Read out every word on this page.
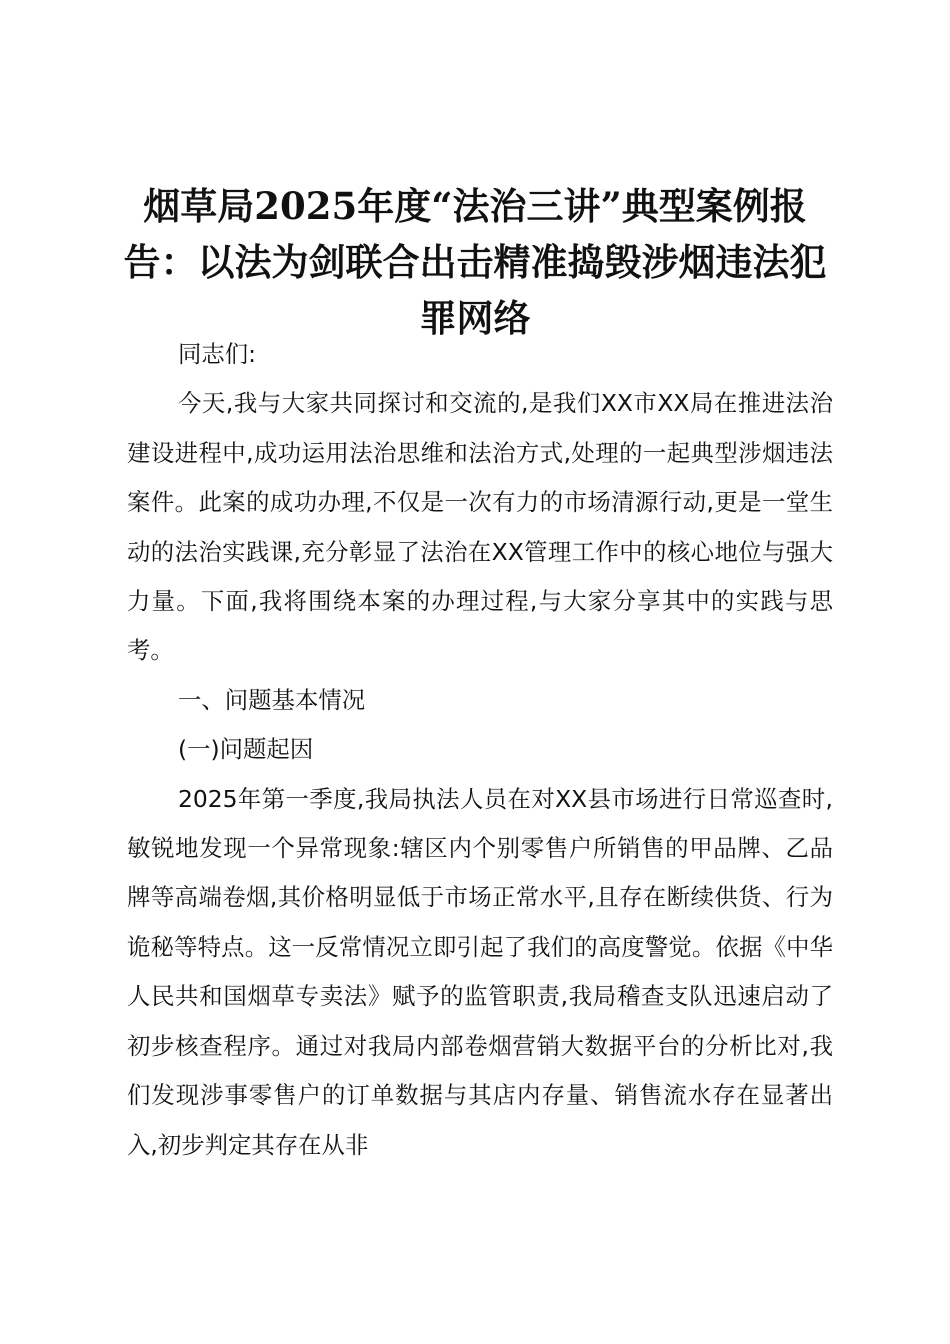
烟草局2025年度“法治三讲”典型案例报告：以法为剑联合出击精准捣毁涉烟违法犯罪网络

同志们:

今天,我与大家共同探讨和交流的,是我们XX市XX局在推进法治建设进程中,成功运用法治思维和法治方式,处理的一起典型涉烟违法案件。此案的成功办理,不仅是一次有力的市场清源行动,更是一堂生动的法治实践课,充分彰显了法治在XX管理工作中的核心地位与强大力量。下面,我将围绕本案的办理过程,与大家分享其中的实践与思考。

一、问题基本情况

(一)问题起因

2025年第一季度,我局执法人员在对XX县市场进行日常巡查时,敏锐地发现一个异常现象:辖区内个别零售户所销售的甲品牌、乙品牌等高端卷烟,其价格明显低于市场正常水平,且存在断续供货、行为诡秘等特点。这一反常情况立即引起了我们的高度警觉。依据《中华人民共和国烟草专卖法》赋予的监管职责,我局稽查支队迅速启动了初步核查程序。通过对我局内部卷烟营销大数据平台的分析比对,我们发现涉事零售户的订单数据与其店内存量、销售流水存在显著出入,初步判定其存在从非
